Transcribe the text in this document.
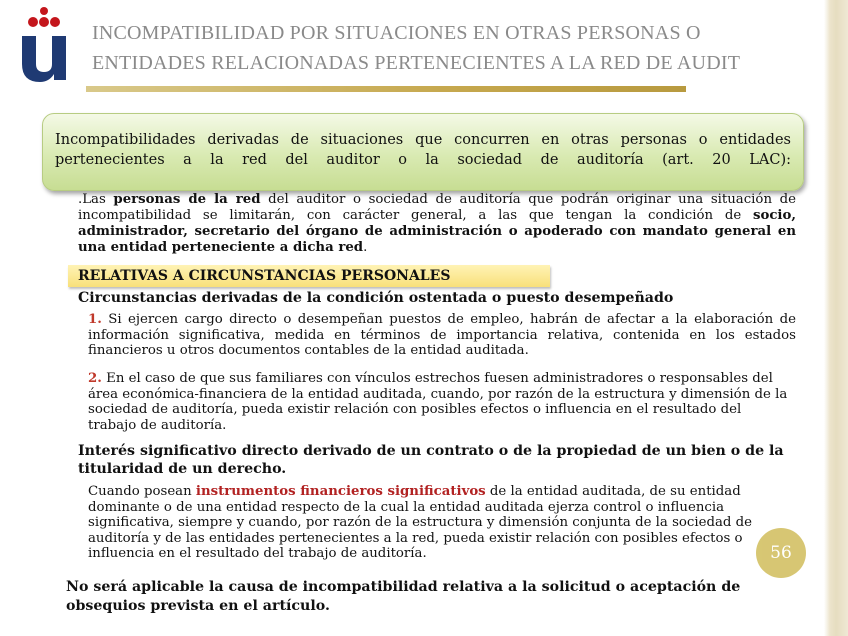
INCOMPATIBILIDAD POR SITUACIONES EN OTRAS PERSONAS O ENTIDADES RELACIONADAS PERTENECIENTES A LA RED DE AUDIT
Incompatibilidades derivadas de situaciones que concurren en otras personas o entidades pertenecientes a la red del auditor o la sociedad de auditoría (art. 20 LAC):
.Las personas de la red del auditor o sociedad de auditoría que podrán originar una situación de incompatibilidad se limitarán, con carácter general, a las que tengan la condición de socio, administrador, secretario del órgano de administración o apoderado con mandato general en una entidad perteneciente a dicha red.
RELATIVAS A CIRCUNSTANCIAS PERSONALES
Circunstancias derivadas de la condición ostentada o puesto desempeñado
1. Si ejercen cargo directo o desempeñan puestos de empleo, habrán de afectar a la elaboración de información significativa, medida en términos de importancia relativa, contenida en los estados financieros u otros documentos contables de la entidad auditada.
2. En el caso de que sus familiares con vínculos estrechos fuesen administradores o responsables del área económica-financiera de la entidad auditada, cuando, por razón de la estructura y dimensión de la sociedad de auditoría, pueda existir relación con posibles efectos o influencia en el resultado del trabajo de auditoría.
Interés significativo directo derivado de un contrato o de la propiedad de un bien o de la titularidad de un derecho.
Cuando posean instrumentos financieros significativos de la entidad auditada, de su entidad dominante o de una entidad respecto de la cual la entidad auditada ejerza control o influencia significativa, siempre y cuando, por razón de la estructura y dimensión conjunta de la sociedad de auditoría y de las entidades pertenecientes a la red, pueda existir relación con posibles efectos o influencia en el resultado del trabajo de auditoría.	56
No será aplicable la causa de incompatibilidad relativa a la solicitud o aceptación de obsequios prevista en el artículo.
